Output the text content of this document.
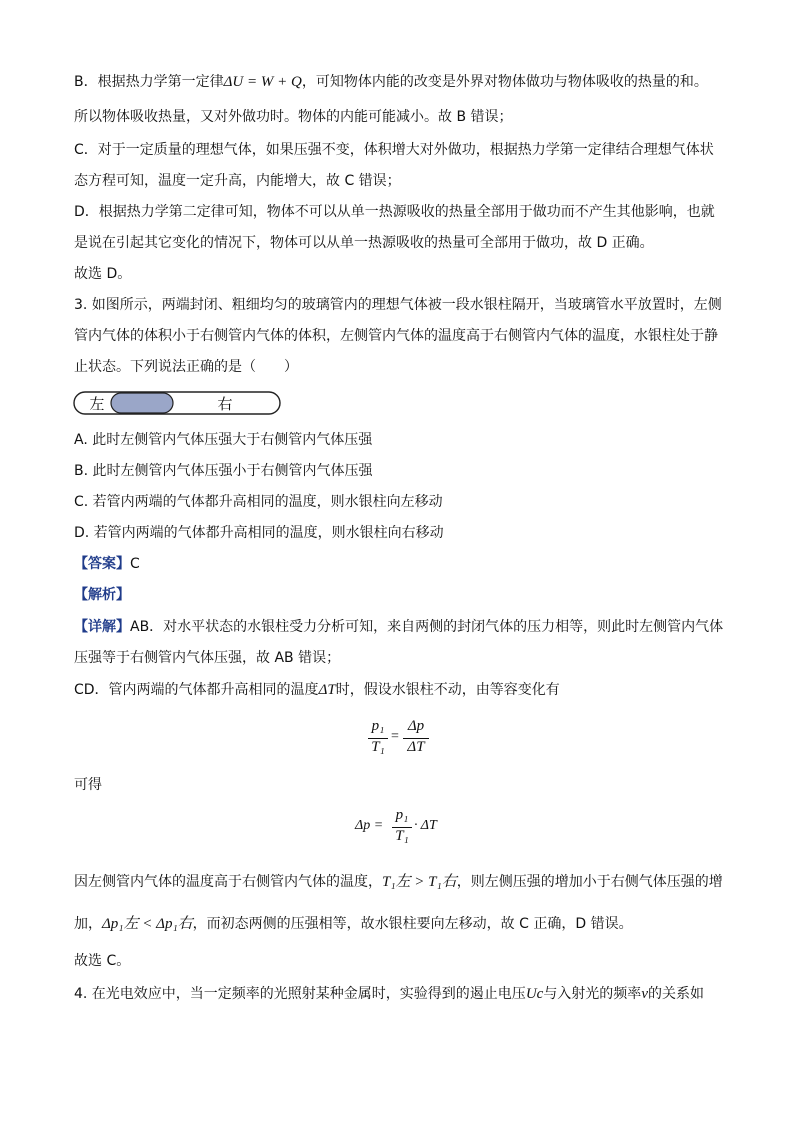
B．根据热力学第一定律ΔU = W + Q，可知物体内能的改变是外界对物体做功与物体吸收的热量的和。
所以物体吸收热量，又对外做功时。物体的内能可能减小。故 B 错误；
C．对于一定质量的理想气体，如果压强不变，体积增大对外做功，根据热力学第一定律结合理想气体状
态方程可知，温度一定升高，内能增大，故 C 错误；
D．根据热力学第二定律可知，物体不可以从单一热源吸收的热量全部用于做功而不产生其他影响，也就
是说在引起其它变化的情况下，物体可以从单一热源吸收的热量可全部用于做功，故 D 正确。
故选 D。
3. 如图所示，两端封闭、粗细均匀的玻璃管内的理想气体被一段水银柱隔开，当玻璃管水平放置时，左侧
管内气体的体积小于右侧管内气体的体积，左侧管内气体的温度高于右侧管内气体的温度，水银柱处于静
止状态。下列说法正确的是（　　）
左	右
A. 此时左侧管内气体压强大于右侧管内气体压强
B. 此时左侧管内气体压强小于右侧管内气体压强
C. 若管内两端的气体都升高相同的温度，则水银柱向左移动
D. 若管内两端的气体都升高相同的温度，则水银柱向右移动
【答案】C
【解析】
【详解】AB．对水平状态的水银柱受力分析可知，来自两侧的封闭气体的压力相等，则此时左侧管内气体
压强等于右侧管内气体压强，故 AB 错误；
CD．管内两端的气体都升高相同的温度ΔT时，假设水银柱不动，由等容变化有
p₁
T₁
=
Δp
ΔT
可得
Δp =
p₁
T₁
· ΔT
因左侧管内气体的温度高于右侧管内气体的温度，T₁左 > T₁右，则左侧压强的增加小于右侧气体压强的增
加，Δp₁左 < Δp₁右，而初态两侧的压强相等，故水银柱要向左移动，故 C 正确，D 错误。
故选 C。
4. 在光电效应中，当一定频率的光照射某种金属时，实验得到的遏止电压Uc与入射光的频率ν的关系如
